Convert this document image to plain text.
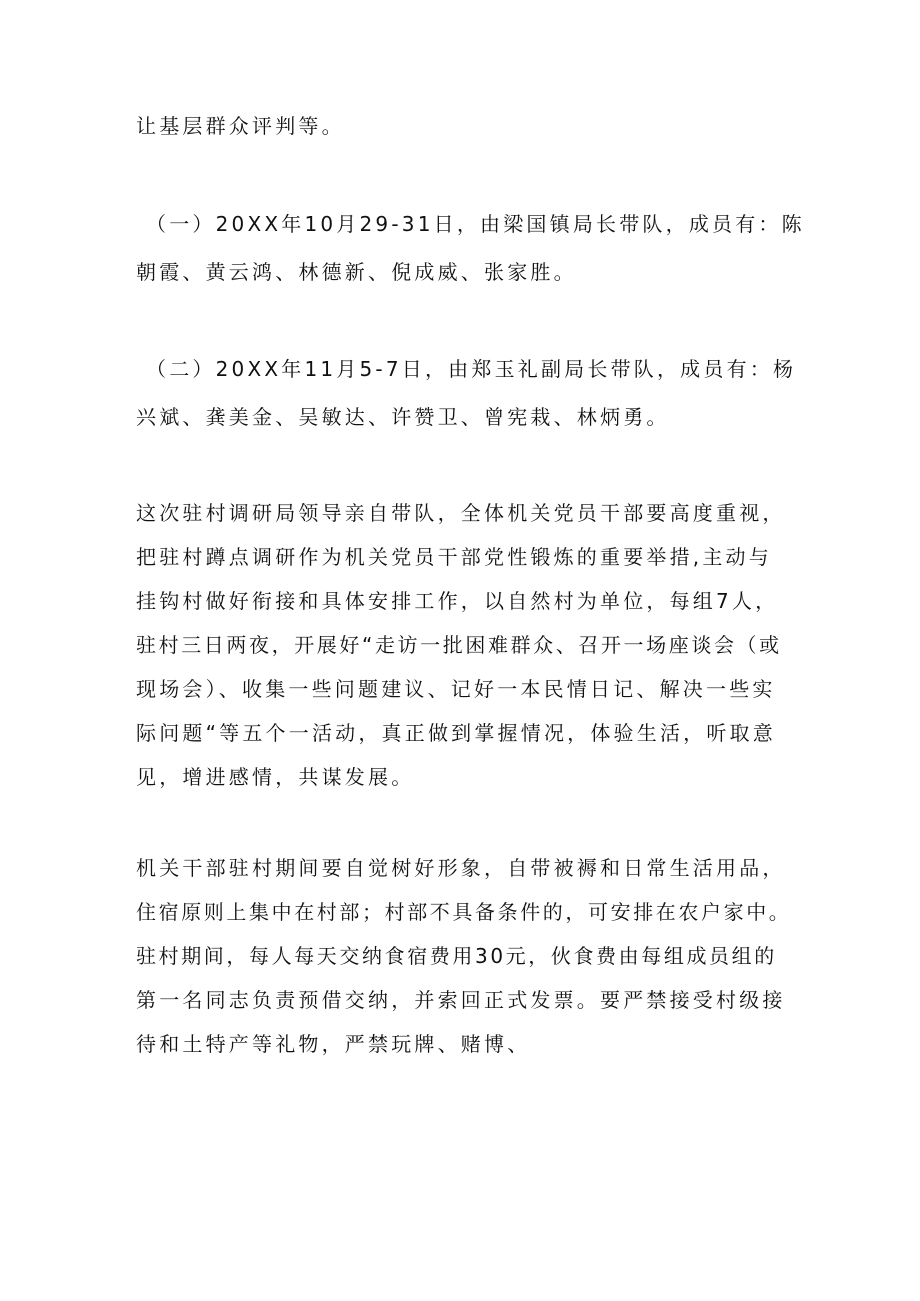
让基层群众评判等。
（一）20XX年10月29-31日，由梁国镇局长带队，成员有：陈
朝霞、黄云鸿、林德新、倪成威、张家胜。
（二）20XX年11月5-7日，由郑玉礼副局长带队，成员有：杨
兴斌、龚美金、吴敏达、许赞卫、曾宪栽、林炳勇。
这次驻村调研局领导亲自带队，全体机关党员干部要高度重视，
把驻村蹲点调研作为机关党员干部党性锻炼的重要举措,主动与
挂钩村做好衔接和具体安排工作，以自然村为单位，每组7人，
驻村三日两夜，开展好“走访一批困难群众、召开一场座谈会（或
现场会）、收集一些问题建议、记好一本民情日记、解决一些实
际问题“等五个一活动，真正做到掌握情况，体验生活，听取意
见，增进感情，共谋发展。
机关干部驻村期间要自觉树好形象，自带被褥和日常生活用品，
住宿原则上集中在村部；村部不具备条件的，可安排在农户家中。
驻村期间，每人每天交纳食宿费用30元，伙食费由每组成员组的
第一名同志负责预借交纳，并索回正式发票。要严禁接受村级接
待和土特产等礼物，严禁玩牌、赌博、
